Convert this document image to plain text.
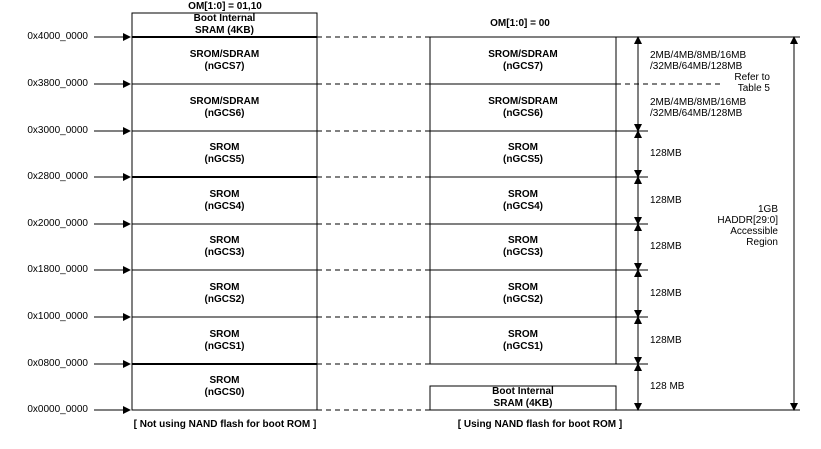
OM[1:0] = 01,10
OM[1:0] = 00
0x4000_0000
0x3800_0000
0x3000_0000
0x2800_0000
0x2000_0000
0x1800_0000
0x1000_0000
0x0800_0000
0x0000_0000
Boot Internal
SRAM (4KB)
SROM/SDRAM
(nGCS7)
SROM/SDRAM
(nGCS6)
SROM
(nGCS5)
SROM
(nGCS4)
SROM
(nGCS3)
SROM
(nGCS2)
SROM
(nGCS1)
SROM
(nGCS0)
SROM/SDRAM
(nGCS7)
SROM/SDRAM
(nGCS6)
SROM
(nGCS5)
SROM
(nGCS4)
SROM
(nGCS3)
SROM
(nGCS2)
SROM
(nGCS1)
Boot Internal
SRAM (4KB)
2MB/4MB/8MB/16MB
/32MB/64MB/128MB
Refer to
Table 5
2MB/4MB/8MB/16MB
/32MB/64MB/128MB
128MB
128MB
128MB
128MB
128MB
128 MB
1GB
HADDR[29:0]
Accessible
Region
[ Not using NAND flash for boot ROM ]	[ Using NAND flash for boot ROM ]
